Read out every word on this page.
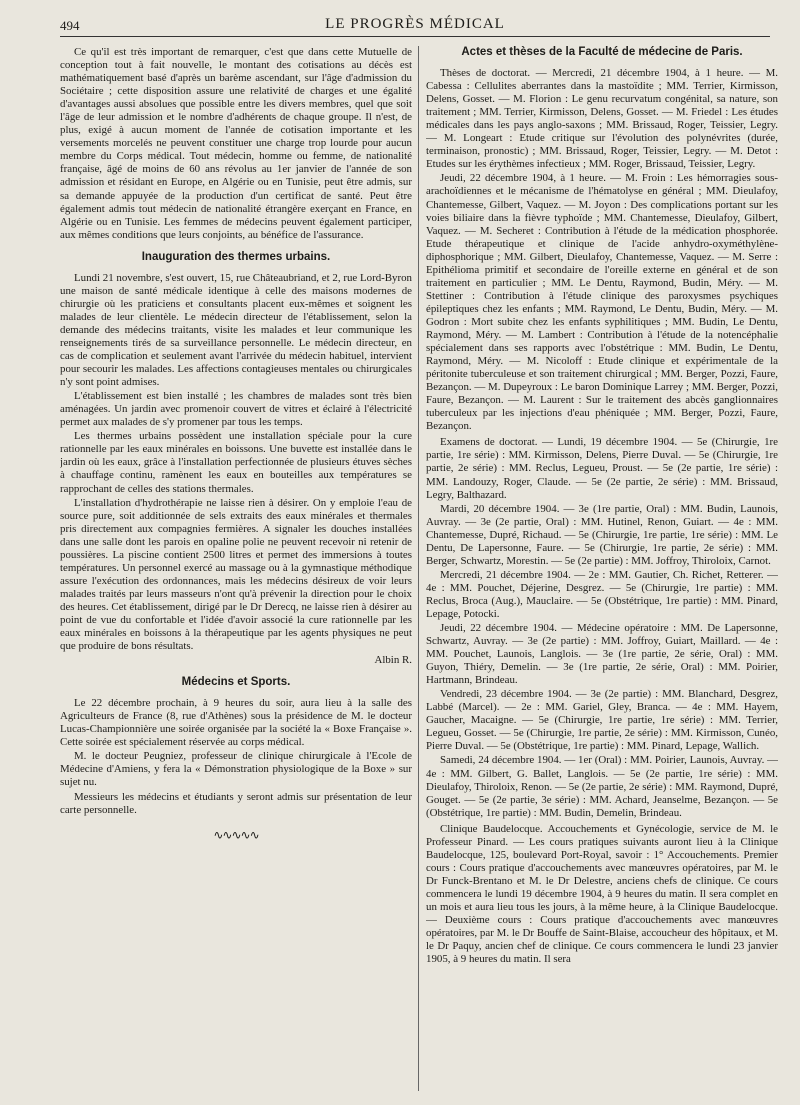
494	LE PROGRÈS MÉDICAL

Ce qu'il est très important de remarquer, c'est que dans cette Mutuelle de conception tout à fait nouvelle, le montant des cotisations au décès est mathématiquement basé d'après un barème ascendant, sur l'âge d'admission du Sociétaire ; cette disposition assure une relativité de charges et une égalité d'avantages aussi absolues que possible entre les divers membres, quel que soit l'âge de leur admission et le nombre d'adhérents de chaque groupe. Il n'est, de plus, exigé à aucun moment de l'année de cotisation importante et les versements morcelés ne peuvent constituer une charge trop lourde pour aucun membre du Corps médical. Tout médecin, homme ou femme, de nationalité française, âgé de moins de 60 ans révolus au 1er janvier de l'année de son admission et résidant en Europe, en Algérie ou en Tunisie, peut être admis, sur sa demande appuyée de la production d'un certificat de santé. Peut être également admis tout médecin de nationalité étrangère exerçant en France, en Algérie ou en Tunisie. Les femmes de médecins peuvent également participer, aux mêmes conditions que leurs conjoints, au bénéfice de l'assurance.

Inauguration des thermes urbains.

Lundi 21 novembre, s'est ouvert, 15, rue Châteaubriand, et 2, rue Lord-Byron une maison de santé médicale identique à celle des maisons modernes de chirurgie où les praticiens et consultants placent eux-mêmes et soignent les malades de leur clientèle. Le médecin directeur de l'établissement, selon la demande des médecins traitants, visite les malades et leur communique les renseignements tirés de sa surveillance personnelle. Le médecin directeur, en cas de complication et seulement avant l'arrivée du médecin habituel, intervient pour secourir les malades. Les affections contagieuses mentales ou chirurgicales n'y sont point admises.

L'établissement est bien installé ; les chambres de malades sont très bien aménagées. Un jardin avec promenoir couvert de vitres et éclairé à l'électricité permet aux malades de s'y promener par tous les temps.

Les thermes urbains possèdent une installation spéciale pour la cure rationnelle par les eaux minérales en boissons. Une buvette est installée dans le jardin où les eaux, grâce à l'installation perfectionnée de plusieurs étuves sèches à chauffage continu, ramènent les eaux en bouteilles aux températures se rapprochant de celles des stations thermales.

L'installation d'hydrothérapie ne laisse rien à désirer. On y emploie l'eau de source pure, soit additionnée de sels extraits des eaux minérales et thermales pris directement aux compagnies fermières. A signaler les douches installées dans une salle dont les parois en opaline polie ne peuvent recevoir ni retenir de poussières. La piscine contient 2500 litres et permet des immersions à toutes températures. Un personnel exercé au massage ou à la gymnastique méthodique assure l'exécution des ordonnances, mais les médecins désireux de voir leurs malades traités par leurs masseurs n'ont qu'à prévenir la direction pour le choix des heures. Cet établissement, dirigé par le Dr Derecq, ne laisse rien à désirer au point de vue du confortable et l'idée d'avoir associé la cure rationnelle par les eaux minérales en boissons à la thérapeutique par les agents physiques ne peut que produire de bons résultats.

Albin R.

Médecins et Sports.

Le 22 décembre prochain, à 9 heures du soir, aura lieu à la salle des Agriculteurs de France (8, rue d'Athènes) sous la présidence de M. le docteur Lucas-Championnière une soirée organisée par la société la « Boxe Française ». Cette soirée est spécialement réservée au corps médical.

M. le docteur Peugniez, professeur de clinique chirurgicale à l'Ecole de Médecine d'Amiens, y fera la « Démonstration physiologique de la Boxe » sur sujet nu.

Messieurs les médecins et étudiants y seront admis sur présentation de leur carte personnelle.

∿∿∿∿∿

Actes et thèses de la Faculté de médecine de Paris.

Thèses de doctorat. — Mercredi, 21 décembre 1904, à 1 heure. — M. Cabessa : Cellulites aberrantes dans la mastoïdite ; MM. Terrier, Kirmisson, Delens, Gosset. — M. Florion : Le genu recurvatum congénital, sa nature, son traitement ; MM. Terrier, Kirmisson, Delens, Gosset. — M. Friedel : Les études médicales dans les pays anglo-saxons ; MM. Brissaud, Roger, Teissier, Legry. — M. Longeart : Etude critique sur l'évolution des polynévrites (durée, terminaison, pronostic) ; MM. Brissaud, Roger, Teissier, Legry. — M. Detot : Etudes sur les érythèmes infectieux ; MM. Roger, Brissaud, Teissier, Legry.

Jeudi, 22 décembre 1904, à 1 heure. — M. Froin : Les hémorragies sous-arachoïdiennes et le mécanisme de l'hématolyse en général ; MM. Dieulafoy, Chantemesse, Gilbert, Vaquez. — M. Joyon : Des complications portant sur les voies biliaire dans la fièvre typhoïde ; MM. Chantemesse, Dieulafoy, Gilbert, Vaquez. — M. Secheret : Contribution à l'étude de la médication phosphorée. Etude thérapeutique et clinique de l'acide anhydro-oxyméthylène-diphosphorique ; MM. Gilbert, Dieulafoy, Chantemesse, Vaquez. — M. Serre : Epithélioma primitif et secondaire de l'oreille externe en général et de son traitement en particulier ; MM. Le Dentu, Raymond, Budin, Méry. — M. Stettiner : Contribution à l'étude clinique des paroxysmes psychiques épileptiques chez les enfants ; MM. Raymond, Le Dentu, Budin, Méry. — M. Godron : Mort subite chez les enfants syphilitiques ; MM. Budin, Le Dentu, Raymond, Méry. — M. Lambert : Contribution à l'étude de la notencéphalie spécialement dans ses rapports avec l'obstétrique : MM. Budin, Le Dentu, Raymond, Méry. — M. Nicoloff : Etude clinique et expérimentale de la péritonite tuberculeuse et son traitement chirurgical ; MM. Berger, Pozzi, Faure, Bezançon. — M. Dupeyroux : Le baron Dominique Larrey ; MM. Berger, Pozzi, Faure, Bezançon. — M. Laurent : Sur le traitement des abcès ganglionnaires tuberculeux par les injections d'eau phéniquée ; MM. Berger, Pozzi, Faure, Bezançon.

Examens de doctorat. — Lundi, 19 décembre 1904. — 5e (Chirurgie, 1re partie, 1re série) : MM. Kirmisson, Delens, Pierre Duval. — 5e (Chirurgie, 1re partie, 2e série) : MM. Reclus, Legueu, Proust. — 5e (2e partie, 1re série) : MM. Landouzy, Roger, Claude. — 5e (2e partie, 2e série) : MM. Brissaud, Legry, Balthazard.

Mardi, 20 décembre 1904. — 3e (1re partie, Oral) : MM. Budin, Launois, Auvray. — 3e (2e partie, Oral) : MM. Hutinel, Renon, Guiart. — 4e : MM. Chantemesse, Dupré, Richaud. — 5e (Chirurgie, 1re partie, 1re série) : MM. Le Dentu, De Lapersonne, Faure. — 5e (Chirurgie, 1re partie, 2e série) : MM. Berger, Schwartz, Morestin. — 5e (2e partie) : MM. Joffroy, Thiroloix, Carnot.

Mercredi, 21 décembre 1904. — 2e : MM. Gautier, Ch. Richet, Retterer. — 4e : MM. Pouchet, Déjerine, Desgrez. — 5e (Chirurgie, 1re partie) : MM. Reclus, Broca (Aug.), Mauclaire. — 5e (Obstétrique, 1re partie) : MM. Pinard, Lepage, Potocki.

Jeudi, 22 décembre 1904. — Médecine opératoire : MM. De Lapersonne, Schwartz, Auvray. — 3e (2e partie) : MM. Joffroy, Guiart, Maillard. — 4e : MM. Pouchet, Launois, Langlois. — 3e (1re partie, 2e série, Oral) : MM. Guyon, Thiéry, Demelin. — 3e (1re partie, 2e série, Oral) : MM. Poirier, Hartmann, Brindeau.

Vendredi, 23 décembre 1904. — 3e (2e partie) : MM. Blanchard, Desgrez, Labbé (Marcel). — 2e : MM. Gariel, Gley, Branca. — 4e : MM. Hayem, Gaucher, Macaigne. — 5e (Chirurgie, 1re partie, 1re série) : MM. Terrier, Legueu, Gosset. — 5e (Chirurgie, 1re partie, 2e série) : MM. Kirmisson, Cunéo, Pierre Duval. — 5e (Obstétrique, 1re partie) : MM. Pinard, Lepage, Wallich.

Samedi, 24 décembre 1904. — 1er (Oral) : MM. Poirier, Launois, Auvray. — 4e : MM. Gilbert, G. Ballet, Langlois. — 5e (2e partie, 1re série) : MM. Dieulafoy, Thiroloix, Renon. — 5e (2e partie, 2e série) : MM. Raymond, Dupré, Gouget. — 5e (2e partie, 3e série) : MM. Achard, Jeanselme, Bezançon. — 5e (Obstétrique, 1re partie) : MM. Budin, Demelin, Brindeau.

Clinique Baudelocque. Accouchements et Gynécologie, service de M. le Professeur Pinard. — Les cours pratiques suivants auront lieu à la Clinique Baudelocque, 125, boulevard Port-Royal, savoir : 1° Accouchements. Premier cours : Cours pratique d'accouchements avec manœuvres opératoires, par M. le Dr Funck-Brentano et M. le Dr Delestre, anciens chefs de clinique. Ce cours commencera le lundi 19 décembre 1904, à 9 heures du matin. Il sera complet en un mois et aura lieu tous les jours, à la même heure, à la Clinique Baudelocque. — Deuxième cours : Cours pratique d'accouchements avec manœuvres opératoires, par M. le Dr Bouffe de Saint-Blaise, accoucheur des hôpitaux, et M. le Dr Paquy, ancien chef de clinique. Ce cours commencera le lundi 23 janvier 1905, à 9 heures du matin. Il sera
